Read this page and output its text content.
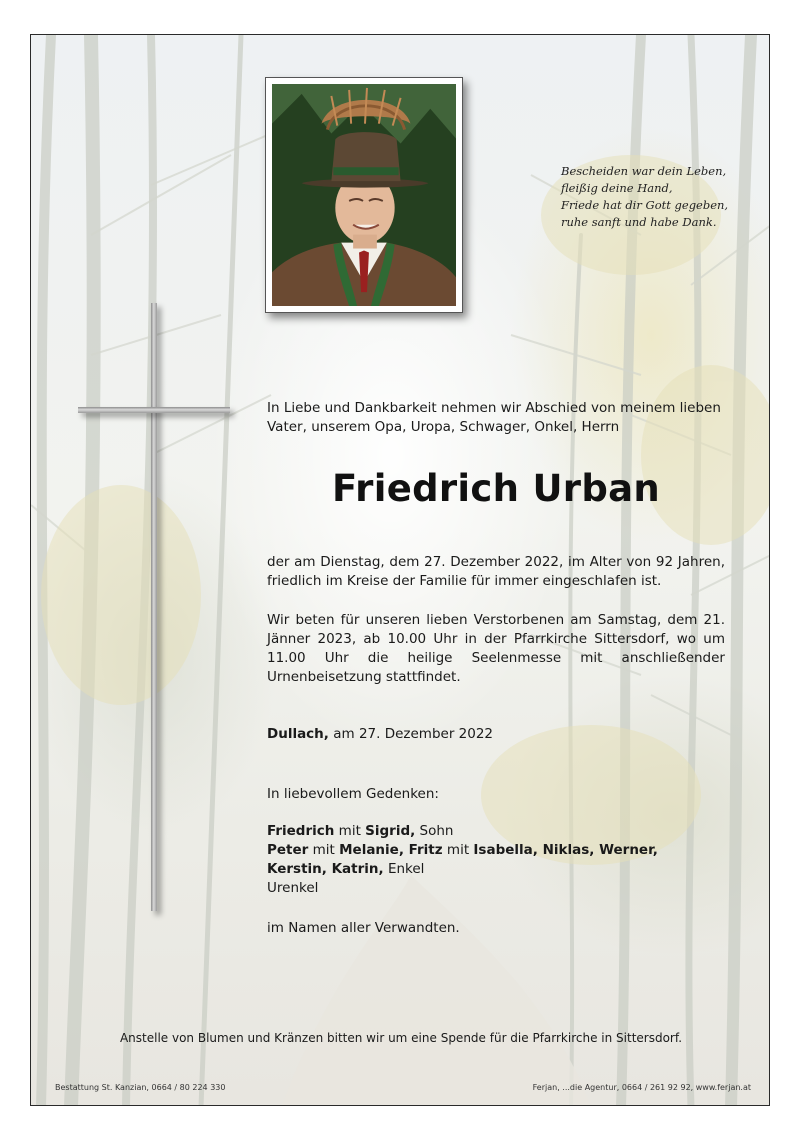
Bescheiden war dein Leben,
fleißig deine Hand,
Friede hat dir Gott gegeben,
ruhe sanft und habe Dank.
In Liebe und Dankbarkeit nehmen wir Abschied von meinem lieben
Vater, unserem Opa, Uropa, Schwager, Onkel, Herrn
Friedrich Urban
der am Dienstag, dem 27. Dezember 2022, im Alter von 92 Jahren, friedlich im Kreise der Familie für immer eingeschlafen ist.
Wir beten für unseren lieben Verstorbenen am Samstag, dem 21. Jänner 2023, ab 10.00 Uhr in der Pfarrkirche Sittersdorf, wo um 11.00 Uhr die heilige Seelenmesse mit anschließender Urnenbeisetzung stattfindet.
Dullach, am 27. Dezember 2022
In liebevollem Gedenken:
Friedrich mit Sigrid, Sohn
Peter mit Melanie, Fritz mit Isabella, Niklas, Werner,
Kerstin, Katrin, Enkel
Urenkel
im Namen aller Verwandten.
Anstelle von Blumen und Kränzen bitten wir um eine Spende für die Pfarrkirche in Sittersdorf.
Bestattung St. Kanzian, 0664 / 80 224 330	Ferjan, ...die Agentur, 0664 / 261 92 92, www.ferjan.at
